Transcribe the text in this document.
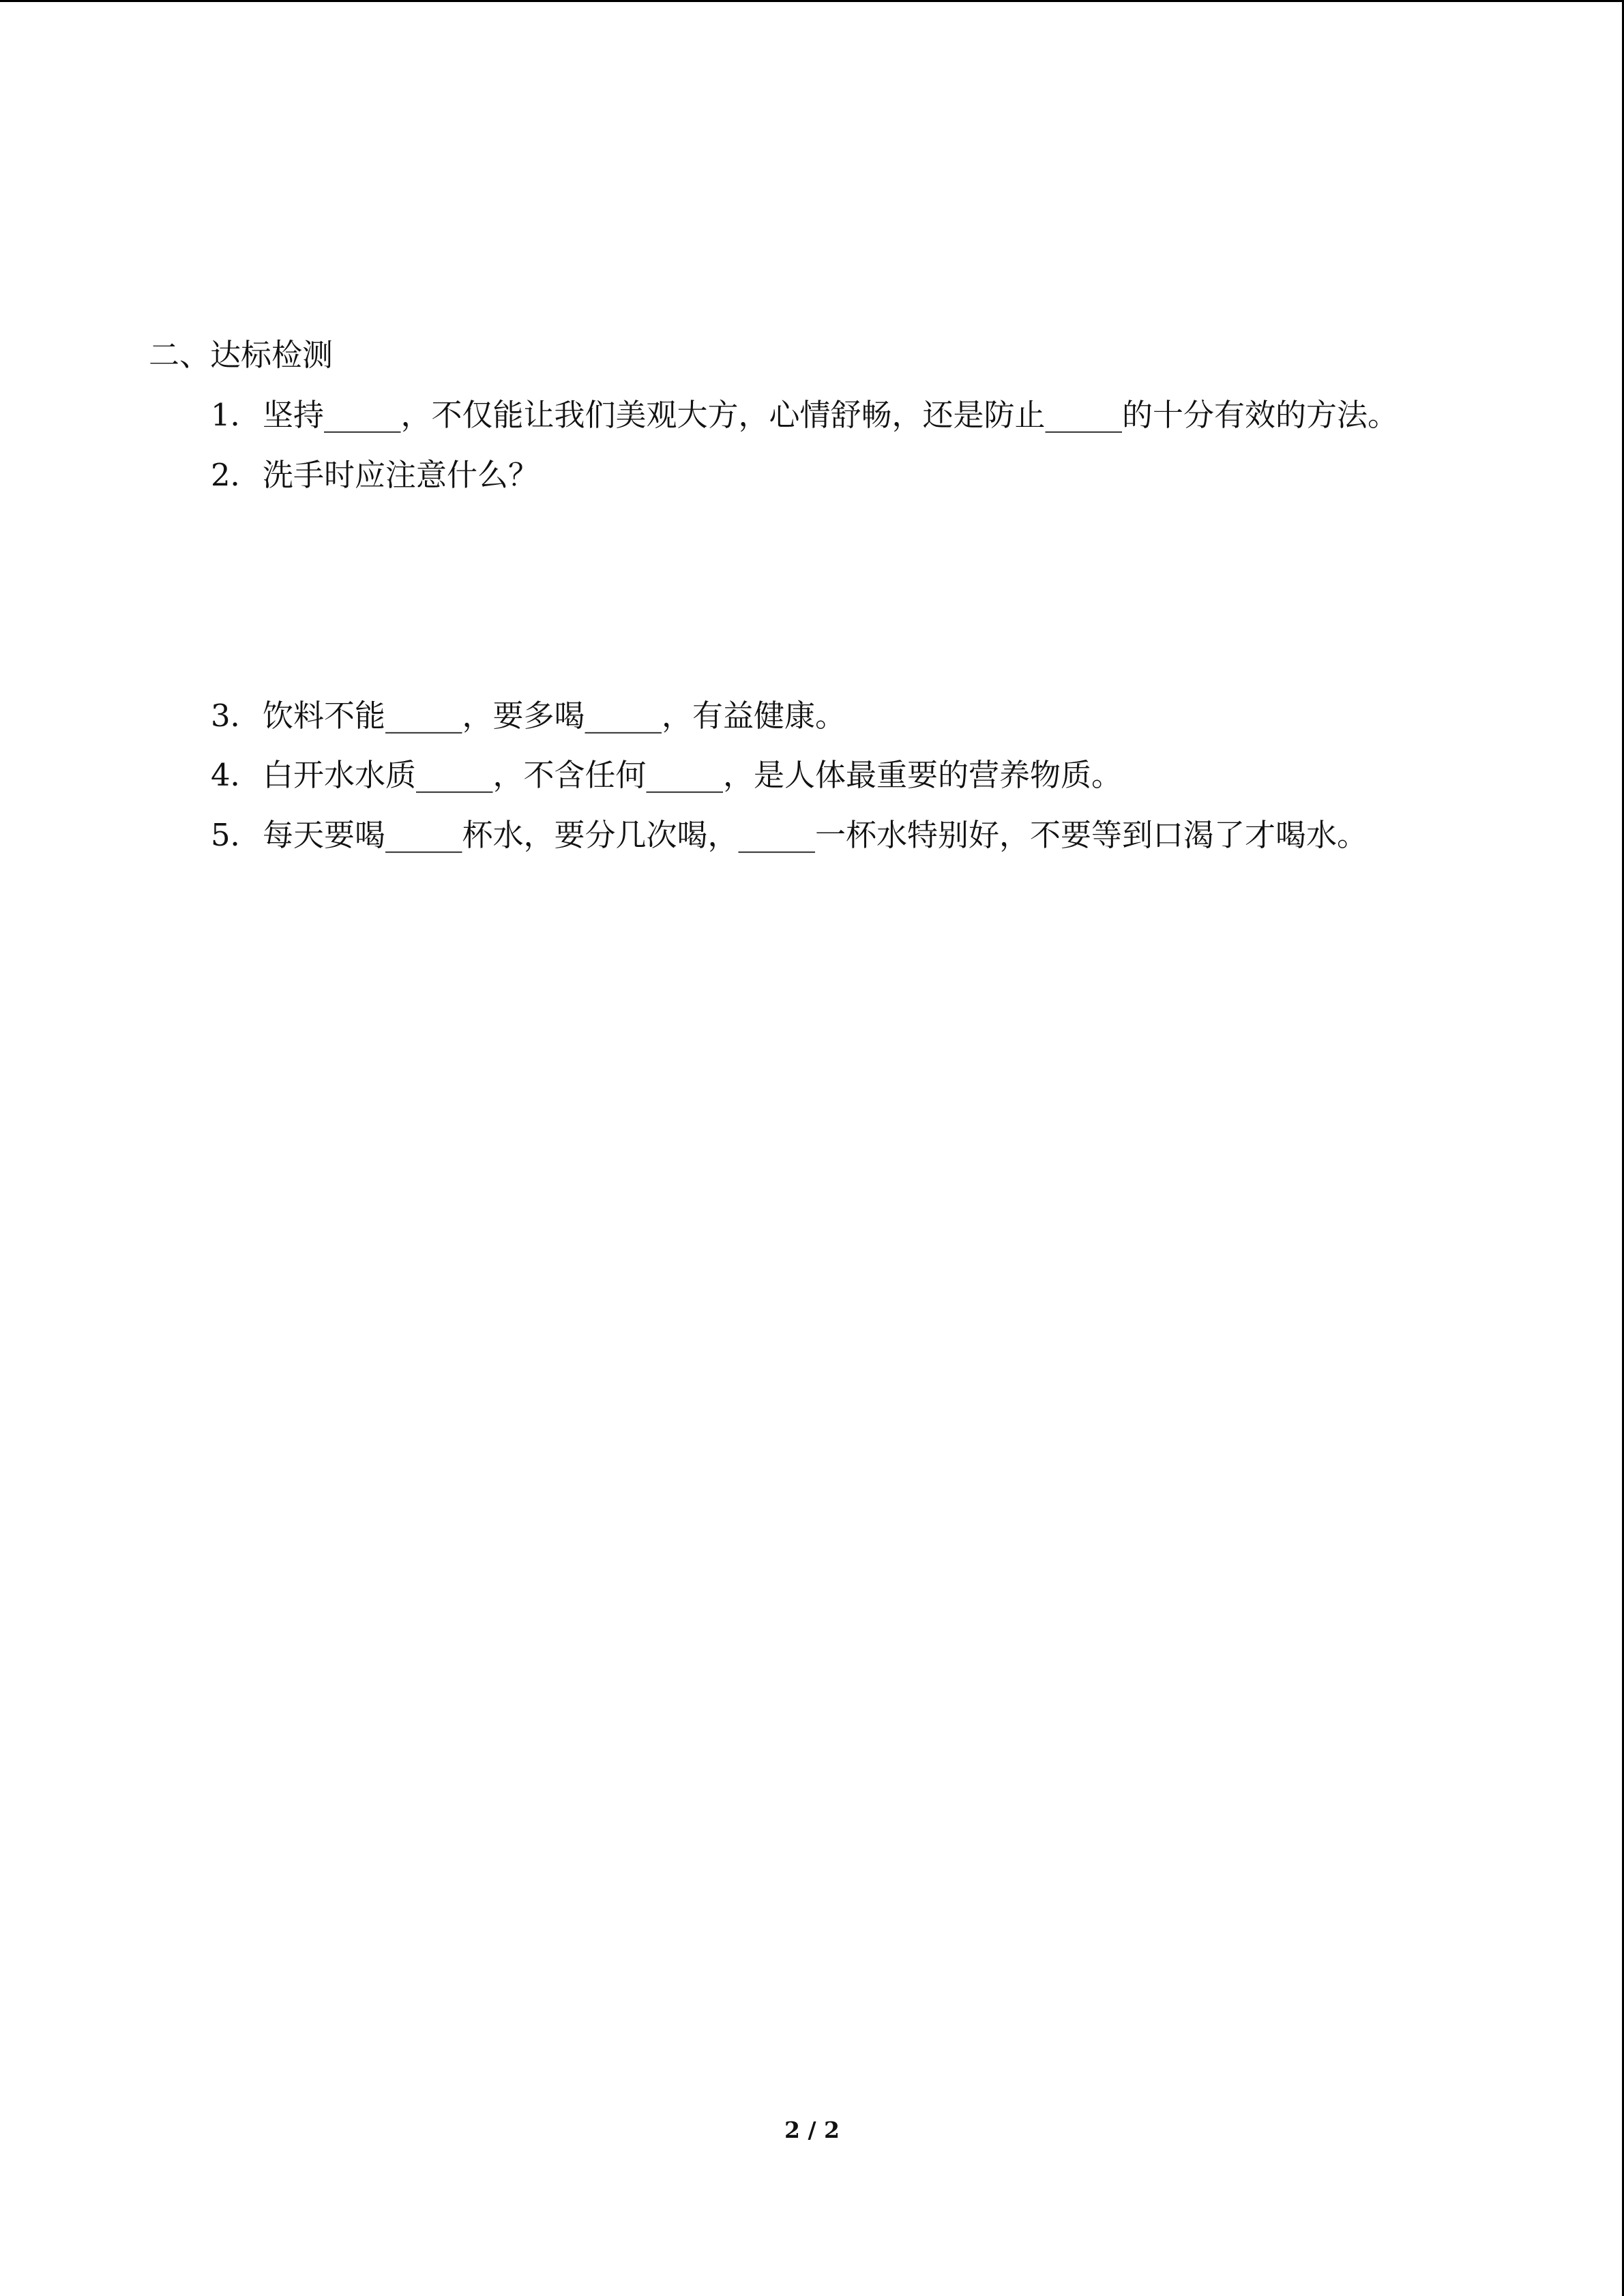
二、达标检测
1．坚持_____，不仅能让我们美观大方，心情舒畅，还是防止_____的十分有效的方法。
2．洗手时应注意什么？
3．饮料不能_____，要多喝_____，有益健康。
4．白开水水质_____，不含任何_____，是人体最重要的营养物质。
5．每天要喝_____杯水，要分几次喝，_____一杯水特别好，不要等到口渴了才喝水。
2 / 2
